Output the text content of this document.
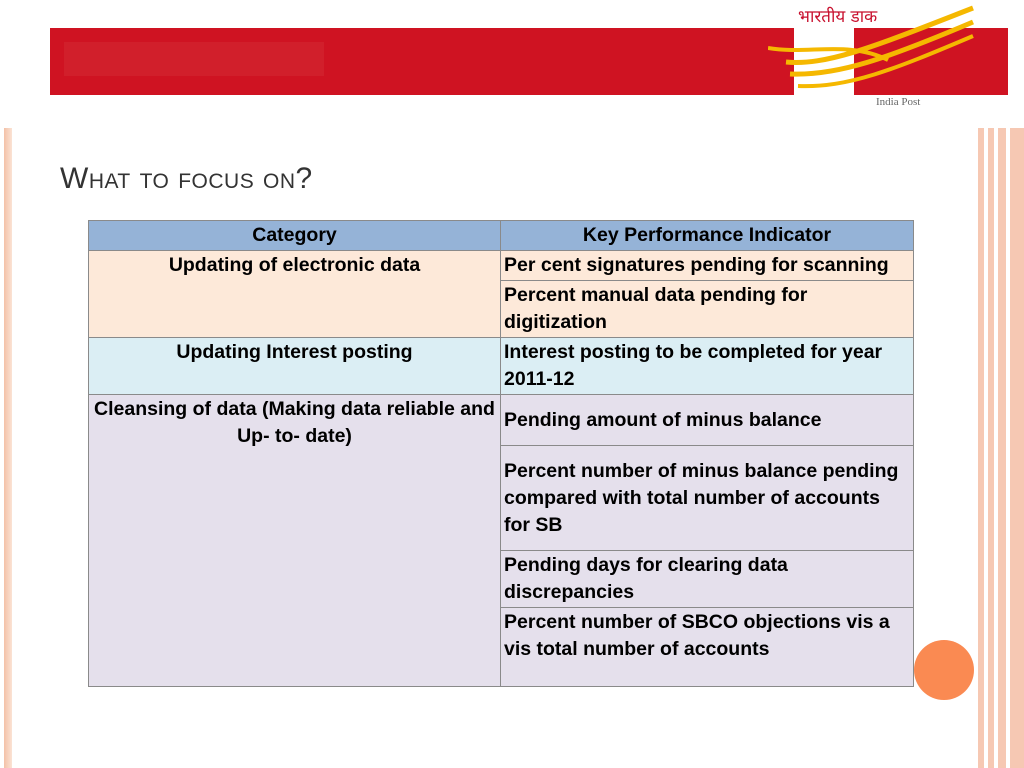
भारतीय डाक
India Post
What to focus on?
Category	Key Performance Indicator
Updating of electronic data	Per cent signatures pending for scanning
	Percent manual data pending for digitization
Updating Interest posting	Interest posting to be completed for year 2011-12
Cleansing of data (Making data reliable and Up- to- date)	Pending amount of minus balance
	Percent number of minus balance pending compared with total number of accounts for SB
	Pending days for clearing data discrepancies
	Percent number of SBCO objections vis a vis total number of accounts
